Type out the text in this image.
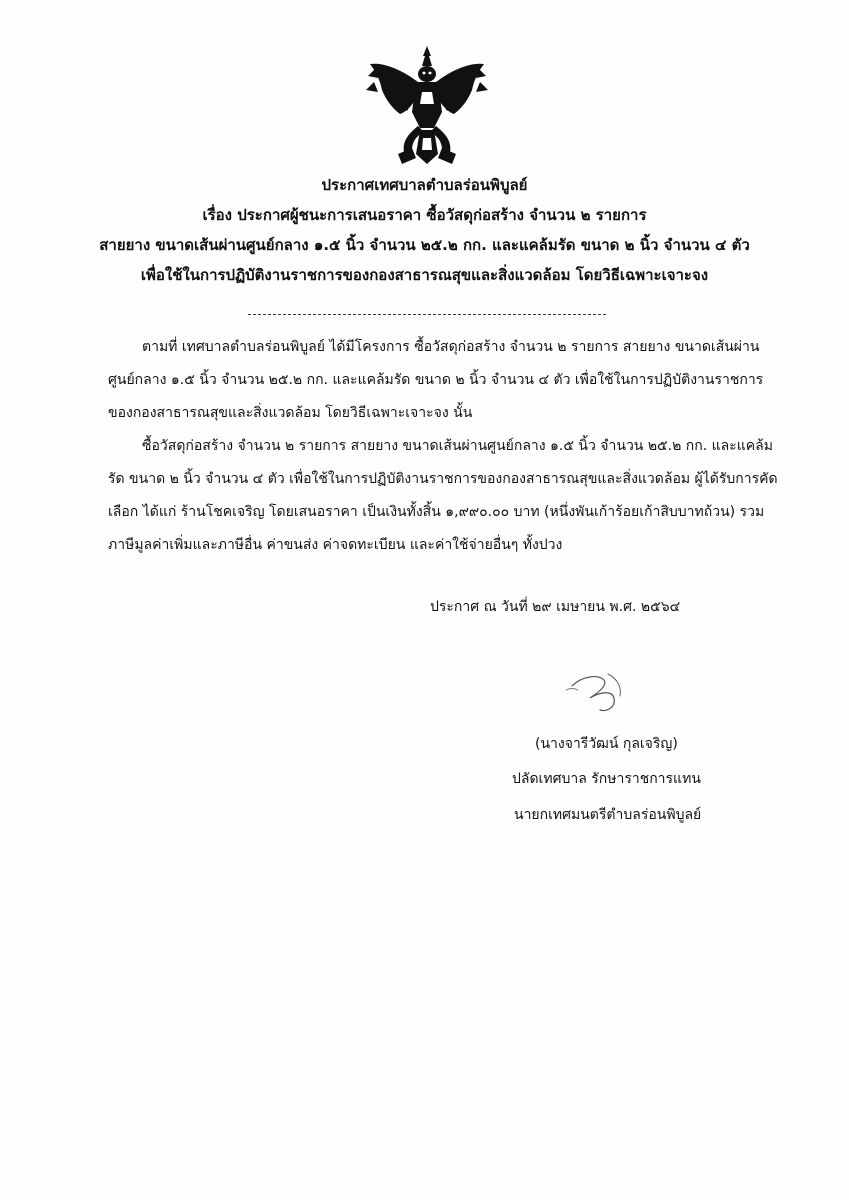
ประกาศเทศบาลตำบลร่อนพิบูลย์
เรื่อง ประกาศผู้ชนะการเสนอราคา ซื้อวัสดุก่อสร้าง จำนวน ๒ รายการ
สายยาง ขนาดเส้นผ่านศูนย์กลาง ๑.๕ นิ้ว จำนวน ๒๕.๒ กก. และแคล้มรัด ขนาด ๒ นิ้ว จำนวน ๔ ตัว
เพื่อใช้ในการปฏิบัติงานราชการของกองสาธารณสุขและสิ่งแวดล้อม โดยวิธีเฉพาะเจาะจง
ตามที่ เทศบาลตำบลร่อนพิบูลย์ ได้มีโครงการ ซื้อวัสดุก่อสร้าง จำนวน ๒ รายการ สายยาง ขนาดเส้นผ่านศูนย์กลาง ๑.๕ นิ้ว จำนวน ๒๕.๒ กก. และแคล้มรัด ขนาด ๒ นิ้ว จำนวน ๔ ตัว เพื่อใช้ในการปฏิบัติงานราชการของกองสาธารณสุขและสิ่งแวดล้อม โดยวิธีเฉพาะเจาะจง นั้น
ซื้อวัสดุก่อสร้าง จำนวน ๒ รายการ สายยาง ขนาดเส้นผ่านศูนย์กลาง ๑.๕ นิ้ว จำนวน ๒๕.๒ กก. และแคล้มรัด ขนาด ๒ นิ้ว จำนวน ๔ ตัว เพื่อใช้ในการปฏิบัติงานราชการของกองสาธารณสุขและสิ่งแวดล้อม ผู้ได้รับการคัดเลือก ได้แก่ ร้านโชคเจริญ โดยเสนอราคา เป็นเงินทั้งสิ้น ๑,๙๙๐.๐๐ บาท (หนึ่งพันเก้าร้อยเก้าสิบบาทถ้วน) รวมภาษีมูลค่าเพิ่มและภาษีอื่น ค่าขนส่ง ค่าจดทะเบียน และค่าใช้จ่ายอื่นๆ ทั้งปวง
ประกาศ ณ วันที่ ๒๙ เมษายน พ.ศ. ๒๕๖๔
(นางจารีวัฒน์ กุลเจริญ)
ปลัดเทศบาล รักษาราชการแทน
นายกเทศมนตรีตำบลร่อนพิบูลย์
